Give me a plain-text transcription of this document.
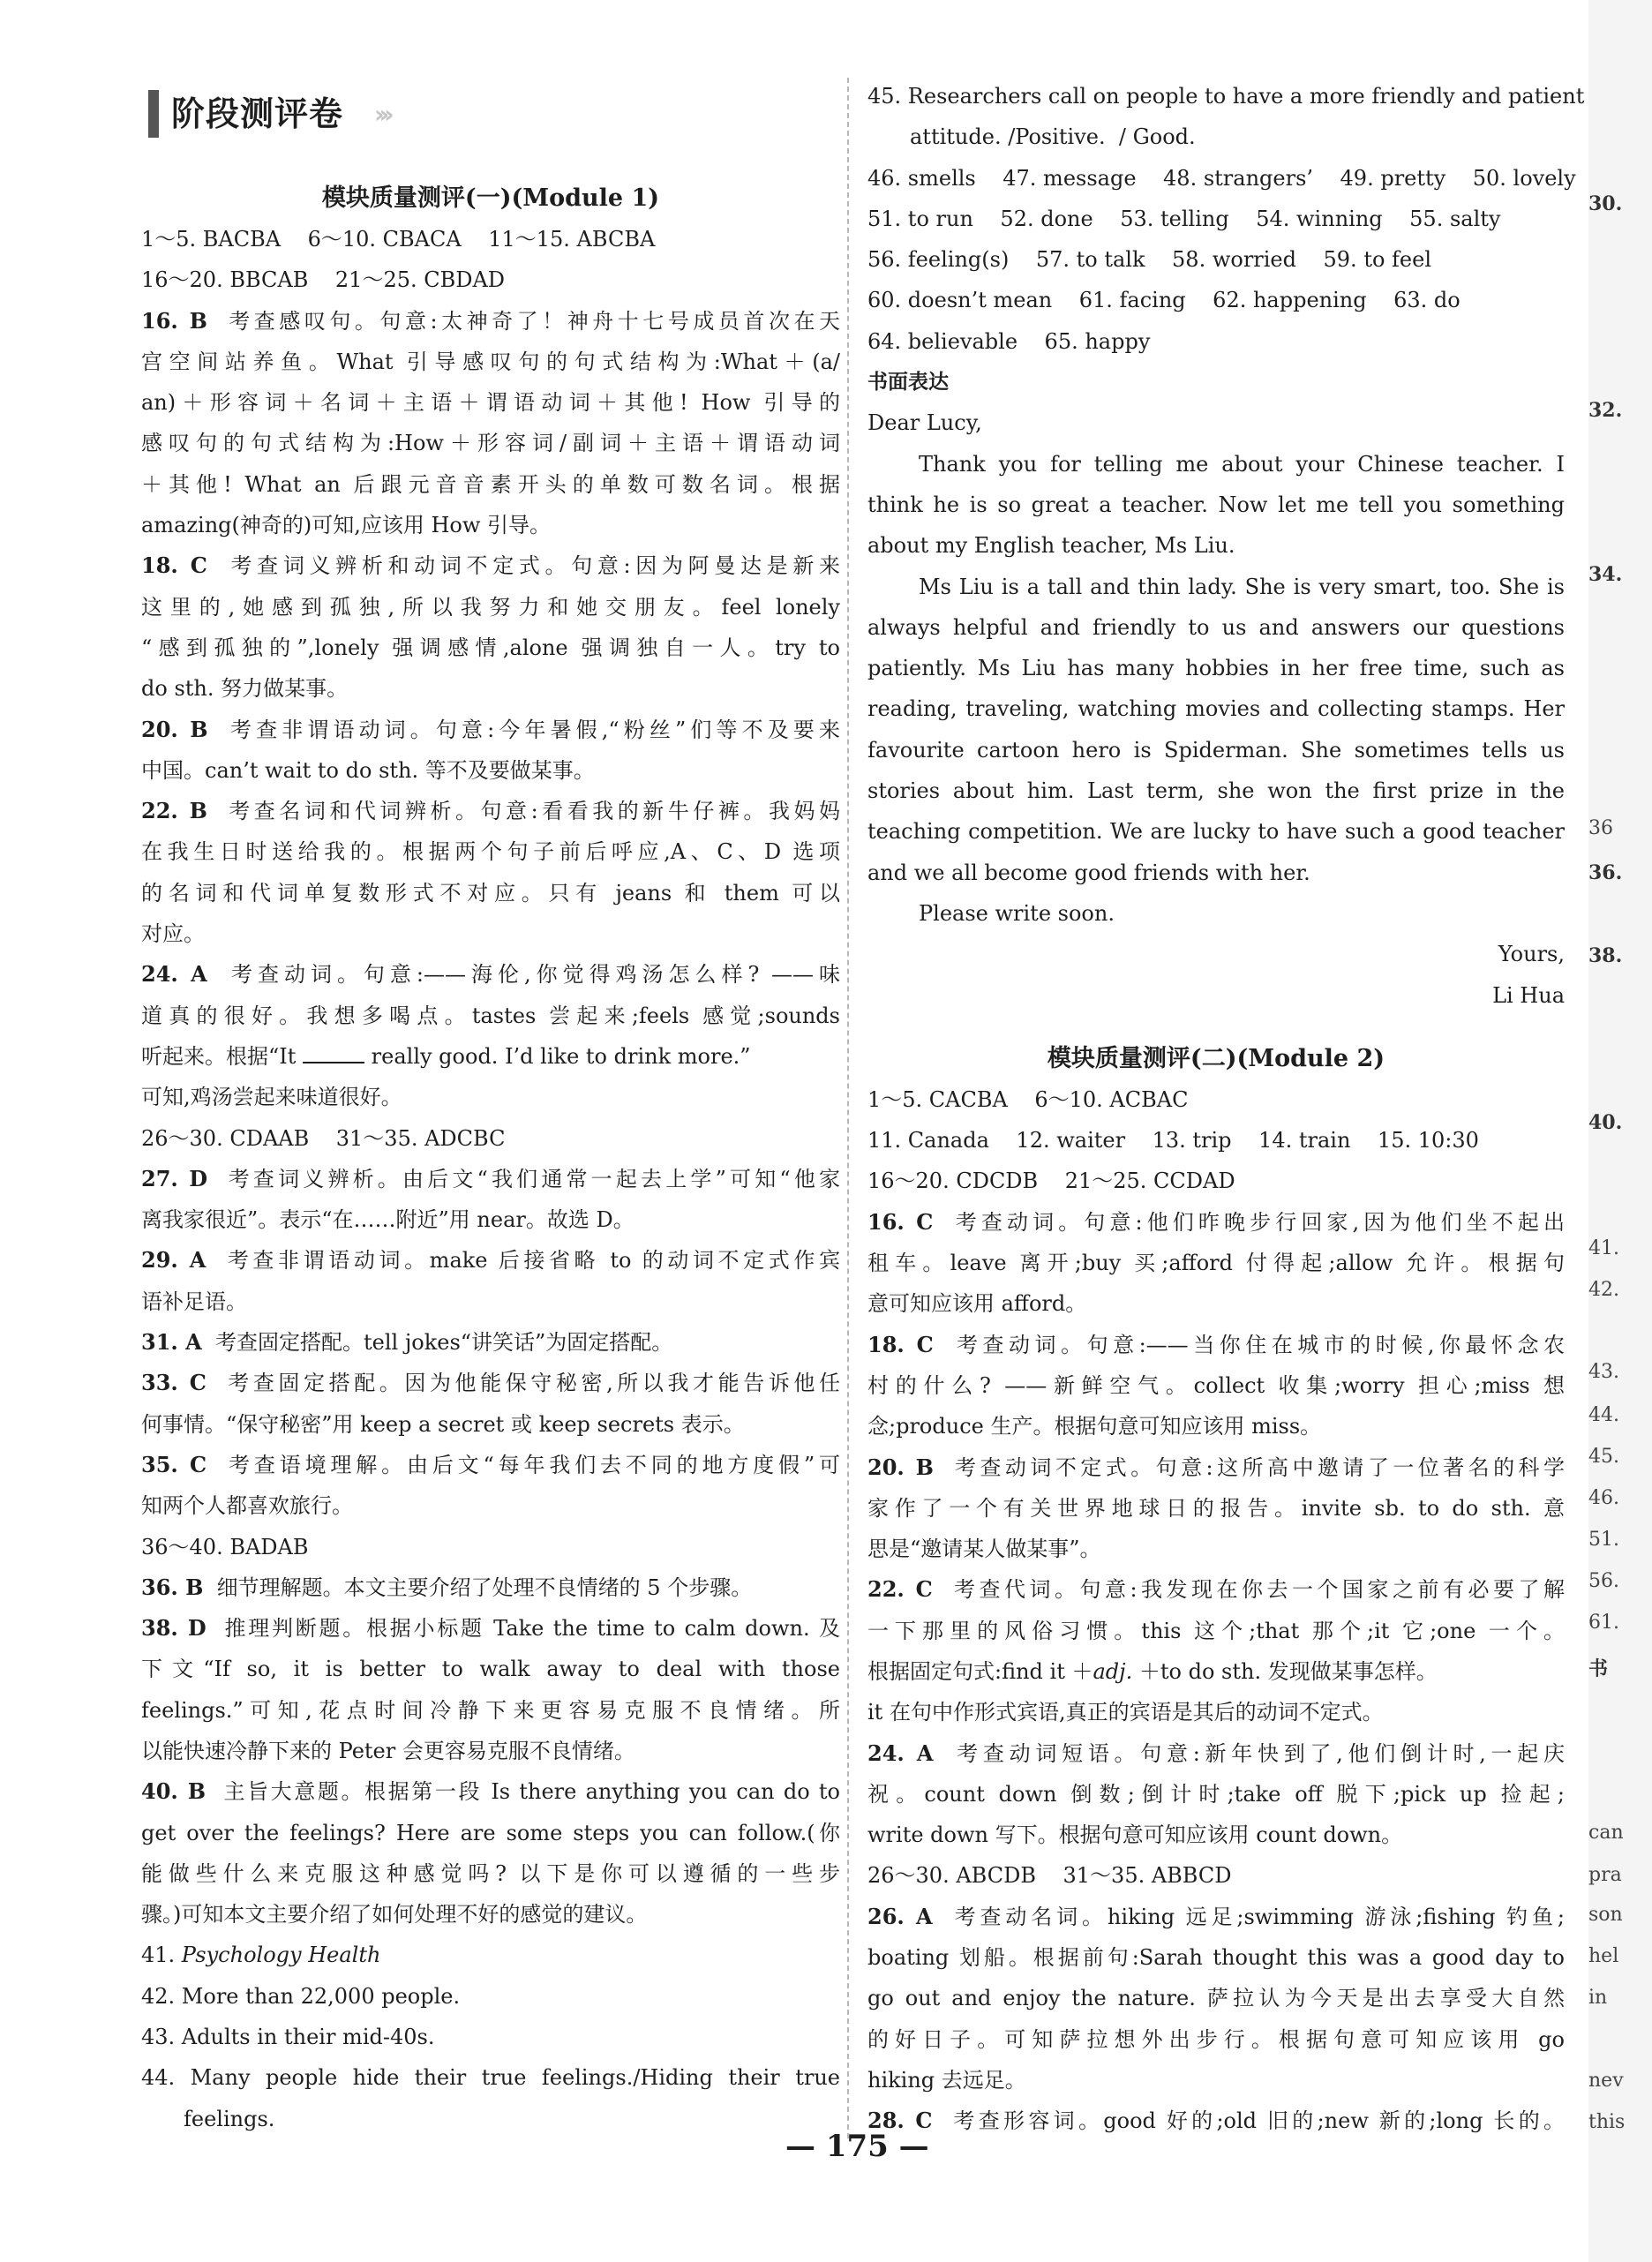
阶段测评卷 ›››
模块质量测评(一)(Module 1)
1～5. BACBA    6～10. CBACA    11～15. ABCBA
16～20. BBCAB    21～25. CBDAD
16. B  考查感叹句。句意:太神奇了！神舟十七号成员首次在天
宫空间站养鱼。What 引导感叹句的句式结构为:What＋(a/
an)＋形容词＋名词＋主语＋谓语动词＋其他! How 引导的
感叹句的句式结构为:How＋形容词/副词＋主语＋谓语动词
＋其他! What an 后跟元音音素开头的单数可数名词。根据
amazing(神奇的)可知,应该用 How 引导。
18. C  考查词义辨析和动词不定式。句意:因为阿曼达是新来
这里的,她感到孤独,所以我努力和她交朋友。feel lonely
“感到孤独的”,lonely 强调感情,alone 强调独自一人。try to
do sth. 努力做某事。
20. B  考查非谓语动词。句意:今年暑假,“粉丝”们等不及要来
中国。can’t wait to do sth. 等不及要做某事。
22. B  考查名词和代词辨析。句意:看看我的新牛仔裤。我妈妈
在我生日时送给我的。根据两个句子前后呼应,A、C、D 选项
的名词和代词单复数形式不对应。只有 jeans 和 them 可以
对应。
24. A  考查动词。句意:——海伦,你觉得鸡汤怎么样? ——味
道真的很好。我想多喝点。tastes 尝起来;feels 感觉;sounds
听起来。根据“It	really good. I’d like to drink more.”
可知,鸡汤尝起来味道很好。
26～30. CDAAB    31～35. ADCBC
27. D  考查词义辨析。由后文“我们通常一起去上学”可知“他家
离我家很近”。表示“在……附近”用 near。故选 D。
29. A  考查非谓语动词。make 后接省略 to 的动词不定式作宾
语补足语。
31. A  考查固定搭配。tell jokes“讲笑话”为固定搭配。
33. C  考查固定搭配。因为他能保守秘密,所以我才能告诉他任
何事情。“保守秘密”用 keep a secret 或 keep secrets 表示。
35. C  考查语境理解。由后文“每年我们去不同的地方度假”可
知两个人都喜欢旅行。
36～40. BADAB
36. B  细节理解题。本文主要介绍了处理不良情绪的 5 个步骤。
38. D  推理判断题。根据小标题 Take the time to calm down. 及
下文“If so, it is better to walk away to deal with those
feelings.”可知,花点时间冷静下来更容易克服不良情绪。所
以能快速冷静下来的 Peter 会更容易克服不良情绪。
40. B  主旨大意题。根据第一段 Is there anything you can do to
get over the feelings? Here are some steps you can follow.(你
能做些什么来克服这种感觉吗? 以下是你可以遵循的一些步
骤。)可知本文主要介绍了如何处理不好的感觉的建议。
41. Psychology Health
42. More than 22,000 people.
43. Adults in their mid-40s.
44.  Many  people  hide  their  true  feelings./Hiding  their  true
feelings.
45. Researchers call on people to have a more friendly and patient
attitude. /Positive.  / Good.
46. smells    47. message    48. strangers’    49. pretty    50. lovely
51. to run    52. done    53. telling    54. winning    55. salty
56. feeling(s)    57. to talk    58. worried    59. to feel
60. doesn’t mean    61. facing    62. happening    63. do
64. believable    65. happy
书面表达
Dear Lucy,
Thank you for telling me about your Chinese teacher. I think he is so great a teacher. Now let me tell you something about my English teacher, Ms Liu.
Ms Liu is a tall and thin lady. She is very smart, too. She is always helpful and friendly to us and answers our questions patiently. Ms Liu has many hobbies in her free time, such as reading, traveling, watching movies and collecting stamps. Her favourite cartoon hero is Spiderman. She sometimes tells us stories about him. Last term, she won the first prize in the teaching competition. We are lucky to have such a good teacher and we all become good friends with her.
Please write soon.
Yours,
Li Hua
模块质量测评(二)(Module 2)
1～5. CACBA    6～10. ACBAC
11. Canada    12. waiter    13. trip    14. train    15. 10:30
16～20. CDCDB    21～25. CCDAD
16. C  考查动词。句意:他们昨晚步行回家,因为他们坐不起出
租车。leave 离开;buy 买;afford 付得起;allow 允许。根据句
意可知应该用 afford。
18. C  考查动词。句意:——当你住在城市的时候,你最怀念农
村的什么? ——新鲜空气。collect 收集;worry 担心;miss 想
念;produce 生产。根据句意可知应该用 miss。
20. B  考查动词不定式。句意:这所高中邀请了一位著名的科学
家作了一个有关世界地球日的报告。invite sb. to do sth. 意
思是“邀请某人做某事”。
22. C  考查代词。句意:我发现在你去一个国家之前有必要了解
一下那里的风俗习惯。this 这个;that 那个;it 它;one 一个。
根据固定句式:find it ＋adj. ＋to do sth. 发现做某事怎样。
it 在句中作形式宾语,真正的宾语是其后的动词不定式。
24. A  考查动词短语。句意:新年快到了,他们倒计时,一起庆
祝。count down 倒数;倒计时;take off 脱下;pick up 捡起;
write down 写下。根据句意可知应该用 count down。
26～30. ABCDB    31～35. ABBCD
26. A  考查动名词。hiking 远足;swimming 游泳;fishing 钓鱼;
boating 划船。根据前句:Sarah thought this was a good day to
go out and enjoy the nature. 萨拉认为今天是出去享受大自然
的好日子。可知萨拉想外出步行。根据句意可知应该用 go
hiking 去远足。
28. C  考查形容词。good 好的;old 旧的;new 新的;long 长的。
— 175 —
30.
32.
34.
36
36.
38.
40.
41.
42.
43.
44.
45.
46.
51.
56.
61.
书
can
pra
son
hel
in
nev
this
